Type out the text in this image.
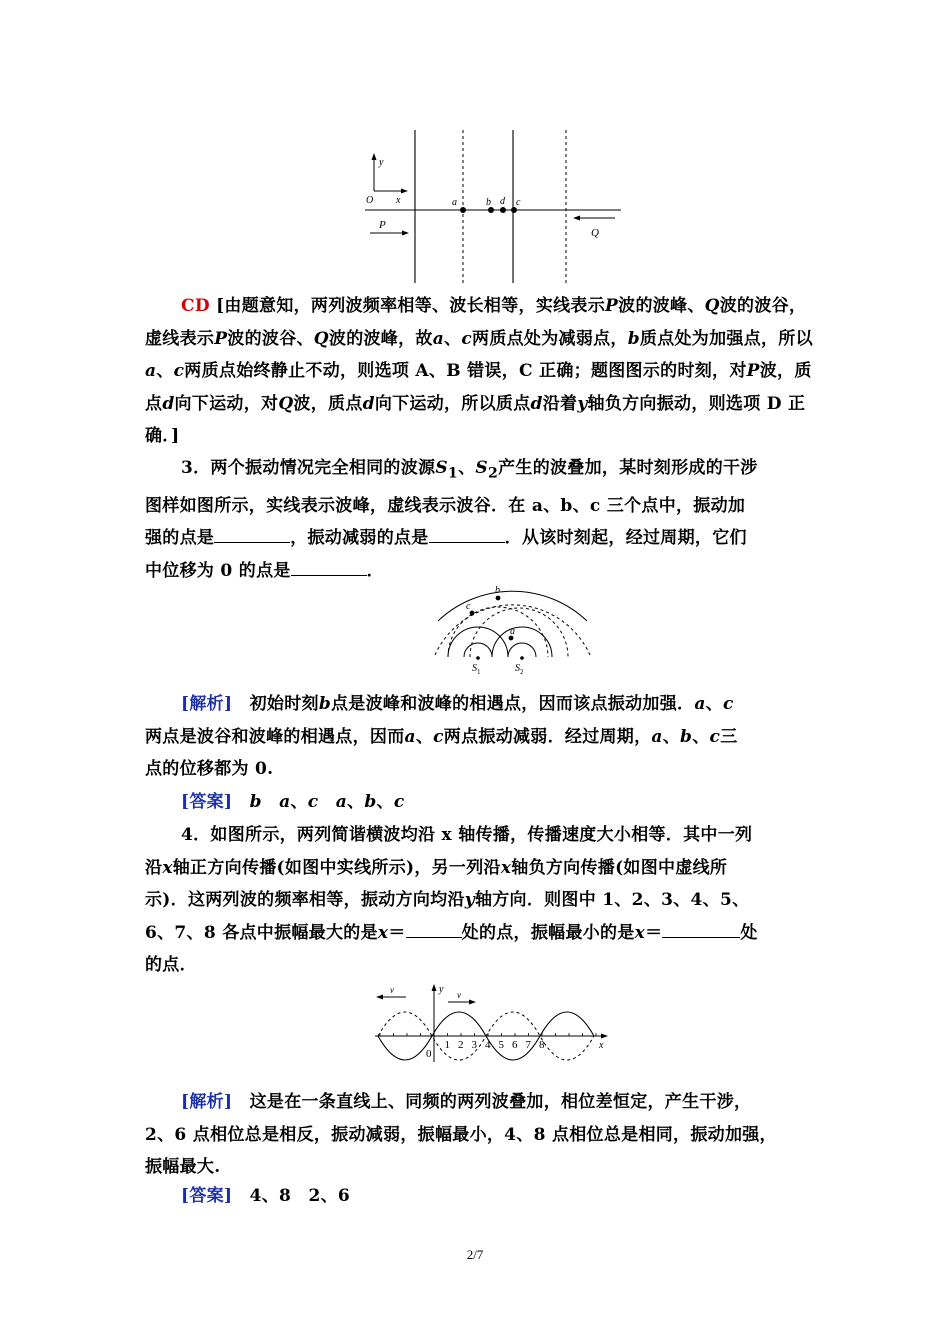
y
x
O
P
Q
a	b d c
CD [由题意知，两列波频率相等、波长相等，实线表示P波的波峰、Q波的波谷，虚线表示P波的波谷、Q波的波峰，故a、c两质点处为减弱点，b质点处为加强点，所以a、c两质点始终静止不动，则选项 A、B 错误，C 正确；题图图示的时刻，对P波，质点d向下运动，对Q波，质点d向下运动，所以质点d沿着y轴负方向振动，则选项 D 正确．]
3．两个振动情况完全相同的波源$S_1$、$S_2$产生的波叠加，某时刻形成的干涉
图样如图所示，实线表示波峰，虚线表示波谷．在 a、b、c 三个点中，振动加
强的点是	，振动减弱的点是	．从该时刻起，经过周期，它们
中位移为 0 的点是	．
b
c
a
$S_1$	$S_2$
[解析]　 初始时刻b点是波峰和波峰的相遇点，因而该点振动加强．a、c
两点是波谷和波峰的相遇点，因而a、c两点振动减弱．经过周期，a、b、c三
点的位移都为 0.
[答案]　 b　 a、c　 a、b、c
4．如图所示，两列简谐横波均沿 x 轴传播，传播速度大小相等．其中一列
沿x轴正方向传播(如图中实线所示)，另一列沿x轴负方向传播(如图中虚线所
示)．这两列波的频率相等，振动方向均沿y轴方向．则图中 1、2、3、4、5、
6、7、8 各点中振幅最大的是x＝	处的点，振幅最小的是x＝	处
的点．
y
x
0
v	v
1 2 3 4 5 6 7 8
[解析]　 这是在一条直线上、同频的两列波叠加，相位差恒定，产生干涉，
2、6 点相位总是相反，振动减弱，振幅最小，4、8 点相位总是相同，振动加强，
振幅最大.
[答案]　 4、8　2、6
2/7
